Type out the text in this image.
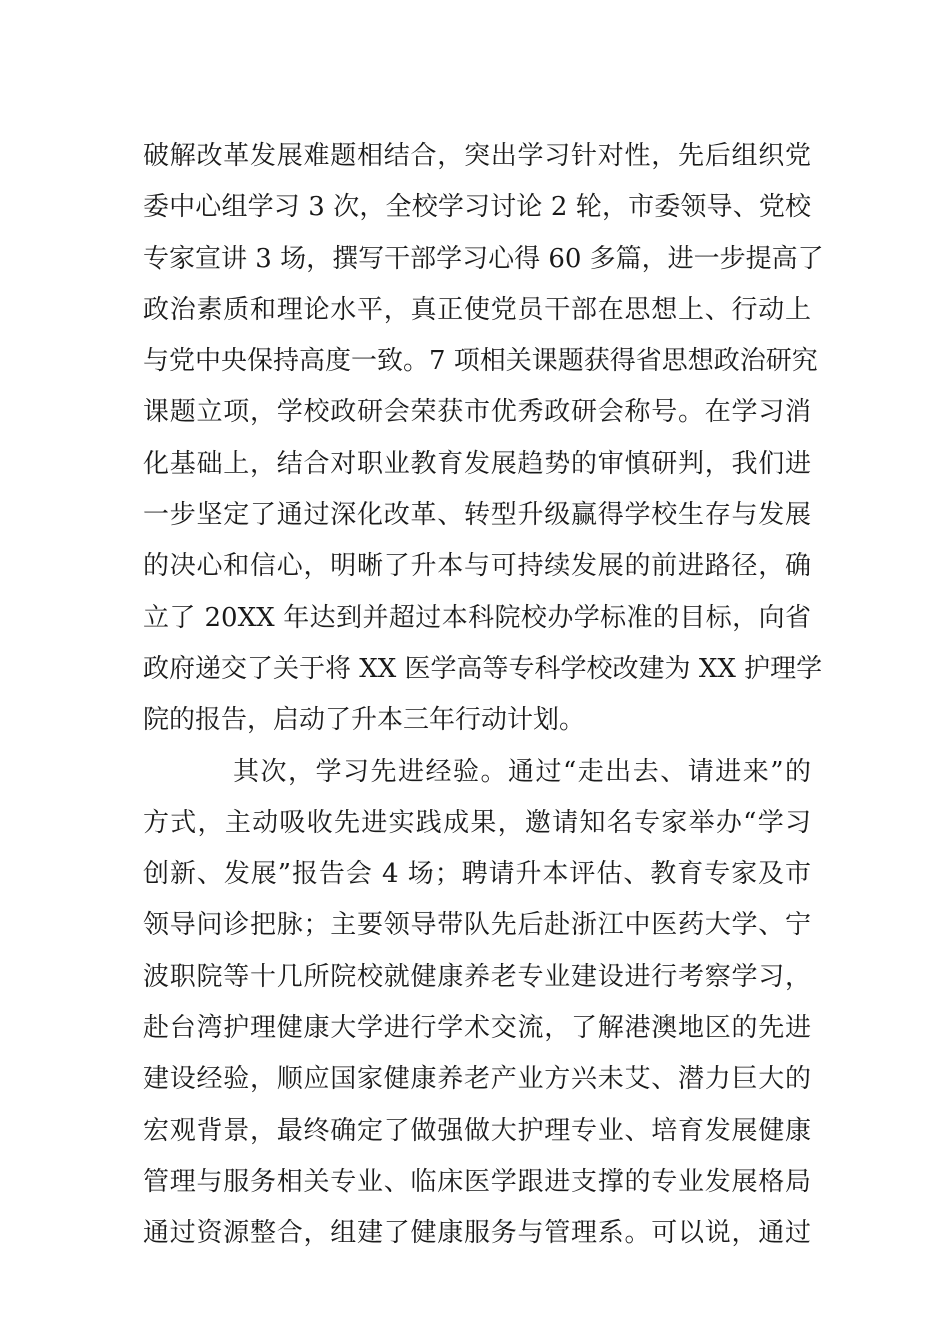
破解改革发展难题相结合，突出学习针对性，先后组织党
委中心组学习 3 次，全校学习讨论 2 轮，市委领导、党校
专家宣讲 3 场，撰写干部学习心得 60 多篇，进一步提高了
政治素质和理论水平，真正使党员干部在思想上、行动上
与党中央保持高度一致。7 项相关课题获得省思想政治研究
课题立项，学校政研会荣获市优秀政研会称号。在学习消
化基础上，结合对职业教育发展趋势的审慎研判，我们进
一步坚定了通过深化改革、转型升级赢得学校生存与发展
的决心和信心，明晰了升本与可持续发展的前进路径，确
立了 20XX 年达到并超过本科院校办学标准的目标，向省
政府递交了关于将 XX 医学高等专科学校改建为 XX 护理学
院的报告，启动了升本三年行动计划。
其次，学习先进经验。通过“走出去、请进来”的
方式，主动吸收先进实践成果，邀请知名专家举办“学习
创新、发展”报告会 4 场；聘请升本评估、教育专家及市
领导问诊把脉；主要领导带队先后赴浙江中医药大学、宁
波职院等十几所院校就健康养老专业建设进行考察学习，
赴台湾护理健康大学进行学术交流，了解港澳地区的先进
建设经验，顺应国家健康养老产业方兴未艾、潜力巨大的
宏观背景，最终确定了做强做大护理专业、培育发展健康
管理与服务相关专业、临床医学跟进支撑的专业发展格局
通过资源整合，组建了健康服务与管理系。可以说，通过
